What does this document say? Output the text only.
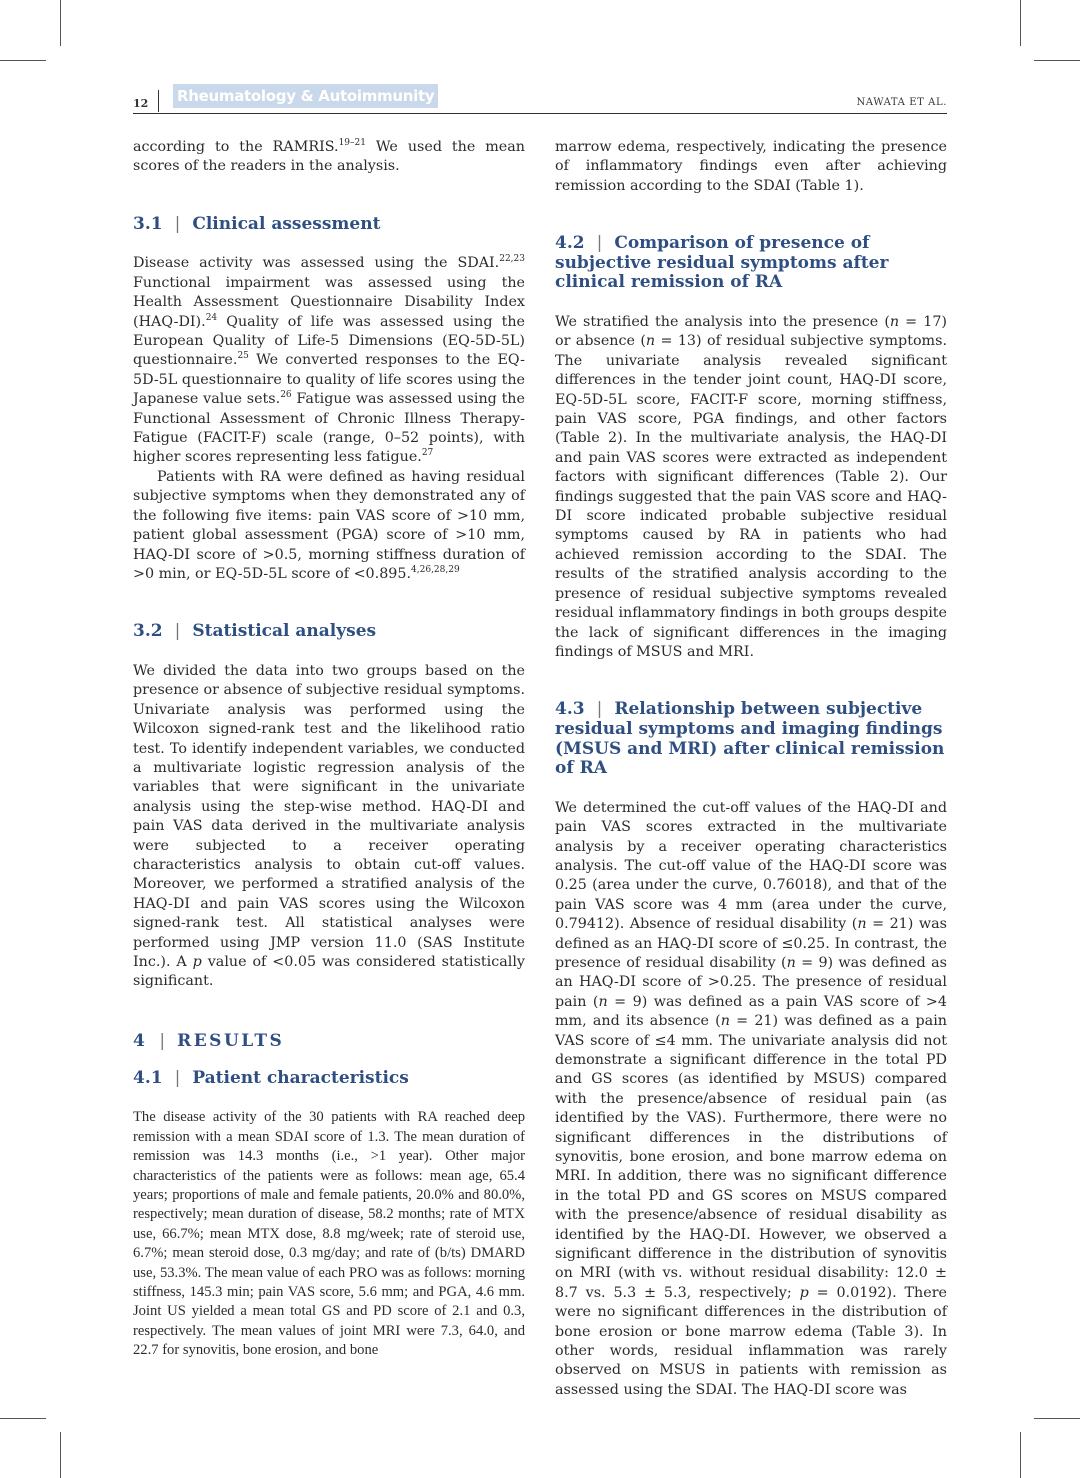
12 Rheumatology & Autoimmunity	NAWATA ET AL.

according to the RAMRIS.$^{19-21}$ We used the mean scores of the readers in the analysis.

3.1 | Clinical assessment

Disease activity was assessed using the SDAI.$^{22,23}$ Functional impairment was assessed using the Health Assessment Questionnaire Disability Index (HAQ-DI).$^{24}$ Quality of life was assessed using the European Quality of Life-5 Dimensions (EQ-5D-5L) questionnaire.$^{25}$ We converted responses to the EQ-5D-5L questionnaire to quality of life scores using the Japanese value sets.$^{26}$ Fatigue was assessed using the Functional Assessment of Chronic Illness Therapy-Fatigue (FACIT-F) scale (range, 0–52 points), with higher scores representing less fatigue.$^{27}$

Patients with RA were defined as having residual subjective symptoms when they demonstrated any of the following five items: pain VAS score of >10 mm, patient global assessment (PGA) score of >10 mm, HAQ-DI score of >0.5, morning stiffness duration of >0 min, or EQ-5D-5L score of <0.895.$^{4,26,28,29}$

3.2 | Statistical analyses

We divided the data into two groups based on the presence or absence of subjective residual symptoms. Univariate analysis was performed using the Wilcoxon signed-rank test and the likelihood ratio test. To identify independent variables, we conducted a multivariate logistic regression analysis of the variables that were significant in the univariate analysis using the step-wise method. HAQ-DI and pain VAS data derived in the multivariate analysis were subjected to a receiver operating characteristics analysis to obtain cut-off values. Moreover, we performed a stratified analysis of the HAQ-DI and pain VAS scores using the Wilcoxon signed-rank test. All statistical analyses were performed using JMP version 11.0 (SAS Institute Inc.). A p value of <0.05 was considered statistically significant.

4 | RESULTS
4.1 | Patient characteristics

The disease activity of the 30 patients with RA reached deep remission with a mean SDAI score of 1.3. The mean duration of remission was 14.3 months (i.e., >1 year). Other major characteristics of the patients were as follows: mean age, 65.4 years; proportions of male and female patients, 20.0% and 80.0%, respectively; mean duration of disease, 58.2 months; rate of MTX use, 66.7%; mean MTX dose, 8.8 mg/week; rate of steroid use, 6.7%; mean steroid dose, 0.3 mg/day; and rate of (b/ts) DMARD use, 53.3%. The mean value of each PRO was as follows: morning stiffness, 145.3 min; pain VAS score, 5.6 mm; and PGA, 4.6 mm. Joint US yielded a mean total GS and PD score of 2.1 and 0.3, respectively. The mean values of joint MRI were 7.3, 64.0, and 22.7 for synovitis, bone erosion, and bone

marrow edema, respectively, indicating the presence of inflammatory findings even after achieving remission according to the SDAI (Table 1).

4.2 | Comparison of presence of subjective residual symptoms after clinical remission of RA

We stratified the analysis into the presence (n = 17) or absence (n = 13) of residual subjective symptoms. The univariate analysis revealed significant differences in the tender joint count, HAQ-DI score, EQ-5D-5L score, FACIT-F score, morning stiffness, pain VAS score, PGA findings, and other factors (Table 2). In the multivariate analysis, the HAQ-DI and pain VAS scores were extracted as independent factors with significant differences (Table 2). Our findings suggested that the pain VAS score and HAQ-DI score indicated probable subjective residual symptoms caused by RA in patients who had achieved remission according to the SDAI. The results of the stratified analysis according to the presence of residual subjective symptoms revealed residual inflammatory findings in both groups despite the lack of significant differences in the imaging findings of MSUS and MRI.

4.3 | Relationship between subjective residual symptoms and imaging findings (MSUS and MRI) after clinical remission of RA

We determined the cut-off values of the HAQ-DI and pain VAS scores extracted in the multivariate analysis by a receiver operating characteristics analysis. The cut-off value of the HAQ-DI score was 0.25 (area under the curve, 0.76018), and that of the pain VAS score was 4 mm (area under the curve, 0.79412). Absence of residual disability (n = 21) was defined as an HAQ-DI score of ≤0.25. In contrast, the presence of residual disability (n = 9) was defined as an HAQ-DI score of >0.25. The presence of residual pain (n = 9) was defined as a pain VAS score of >4 mm, and its absence (n = 21) was defined as a pain VAS score of ≤4 mm. The univariate analysis did not demonstrate a significant difference in the total PD and GS scores (as identified by MSUS) compared with the presence/absence of residual pain (as identified by the VAS). Furthermore, there were no significant differences in the distributions of synovitis, bone erosion, and bone marrow edema on MRI. In addition, there was no significant difference in the total PD and GS scores on MSUS compared with the presence/absence of residual disability as identified by the HAQ-DI. However, we observed a significant difference in the distribution of synovitis on MRI (with vs. without residual disability: 12.0 ± 8.7 vs. 5.3 ± 5.3, respectively; p = 0.0192). There were no significant differences in the distribution of bone erosion or bone marrow edema (Table 3). In other words, residual inflammation was rarely observed on MSUS in patients with remission as assessed using the SDAI. The HAQ-DI score was
